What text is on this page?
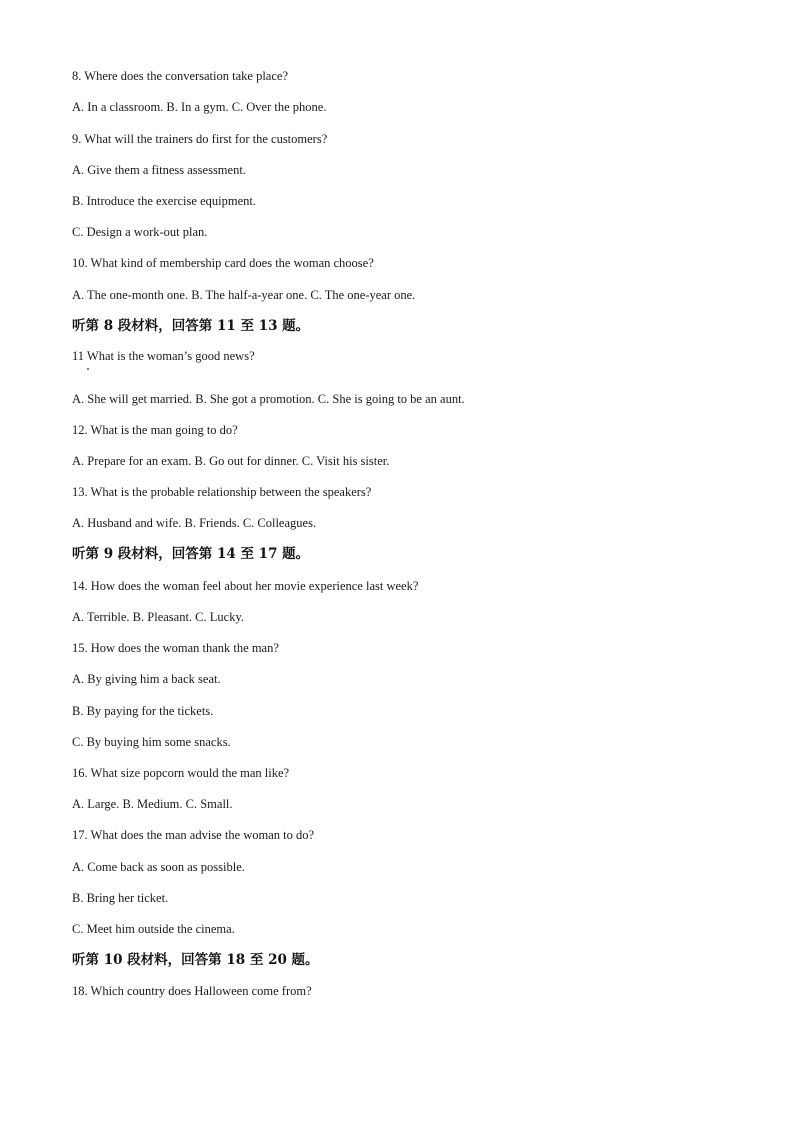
8. Where does the conversation take place?
A. In a classroom. B. In a gym. C. Over the phone.
9. What will the trainers do first for the customers?
A. Give them a fitness assessment.
B. Introduce the exercise equipment.
C. Design a work-out plan.
10. What kind of membership card does the woman choose?
A. The one-month one. B. The half-a-year one. C. The one-year one.
听第 8 段材料，回答第 11 至 13 题。
11 What is the woman’s good news?
A. She will get married. B. She got a promotion. C. She is going to be an aunt.
12. What is the man going to do?
A. Prepare for an exam. B. Go out for dinner. C. Visit his sister.
13. What is the probable relationship between the speakers?
A. Husband and wife. B. Friends. C. Colleagues.
听第 9 段材料，回答第 14 至 17 题。
14. How does the woman feel about her movie experience last week?
A. Terrible. B. Pleasant. C. Lucky.
15. How does the woman thank the man?
A. By giving him a back seat.
B. By paying for the tickets.
C. By buying him some snacks.
16. What size popcorn would the man like?
A. Large. B. Medium. C. Small.
17. What does the man advise the woman to do?
A. Come back as soon as possible.
B. Bring her ticket.
C. Meet him outside the cinema.
听第 10 段材料，回答第 18 至 20 题。
18. Which country does Halloween come from?
